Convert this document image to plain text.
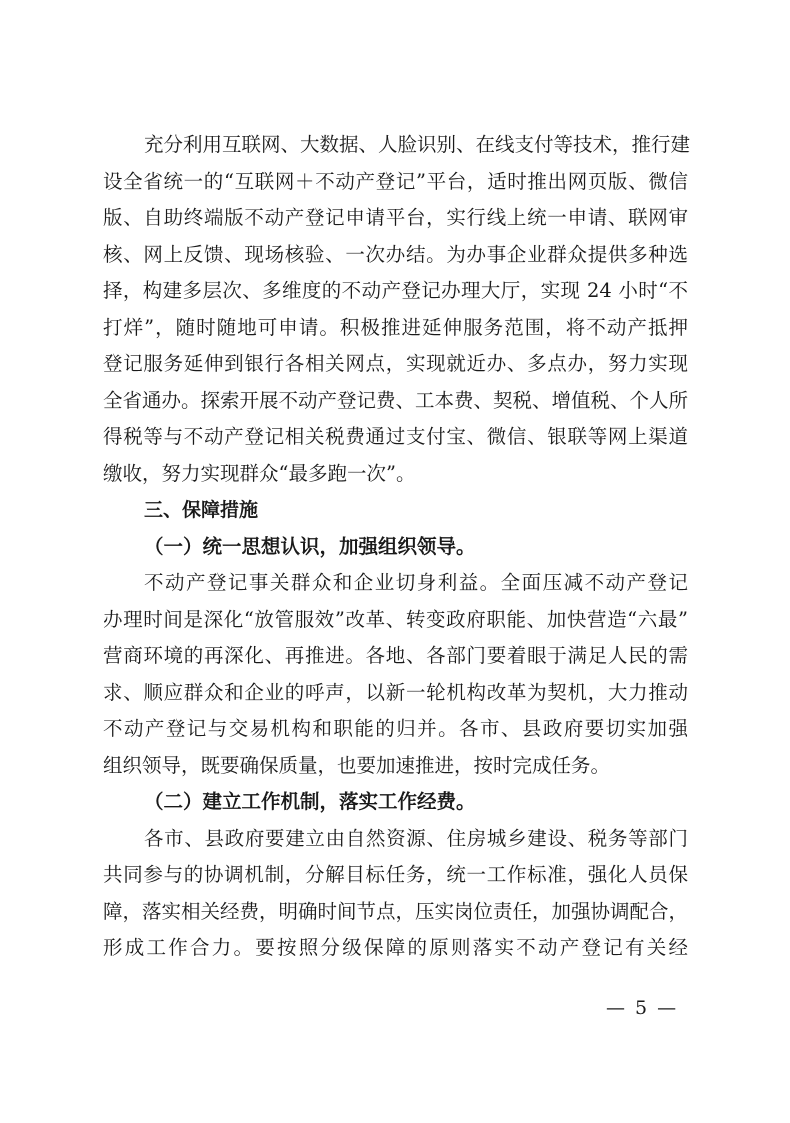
充分利用互联网、大数据、人脸识别、在线支付等技术，推行建
设全省统一的“互联网＋不动产登记”平台，适时推出网页版、微信
版、自助终端版不动产登记申请平台，实行线上统一申请、联网审
核、网上反馈、现场核验、一次办结。为办事企业群众提供多种选
择，构建多层次、多维度的不动产登记办理大厅，实现 24 小时“不
打烊”，随时随地可申请。积极推进延伸服务范围，将不动产抵押
登记服务延伸到银行各相关网点，实现就近办、多点办，努力实现
全省通办。探索开展不动产登记费、工本费、契税、增值税、个人所
得税等与不动产登记相关税费通过支付宝、微信、银联等网上渠道
缴收，努力实现群众“最多跑一次”。
三、保障措施
（一）统一思想认识，加强组织领导。
不动产登记事关群众和企业切身利益。全面压减不动产登记
办理时间是深化“放管服效”改革、转变政府职能、加快营造“六最”
营商环境的再深化、再推进。各地、各部门要着眼于满足人民的需
求、顺应群众和企业的呼声，以新一轮机构改革为契机，大力推动
不动产登记与交易机构和职能的归并。各市、县政府要切实加强
组织领导，既要确保质量，也要加速推进，按时完成任务。
（二）建立工作机制，落实工作经费。
各市、县政府要建立由自然资源、住房城乡建设、税务等部门
共同参与的协调机制，分解目标任务，统一工作标准，强化人员保
障，落实相关经费，明确时间节点，压实岗位责任，加强协调配合，
形成工作合力。要按照分级保障的原则落实不动产登记有关经
— 5 —
